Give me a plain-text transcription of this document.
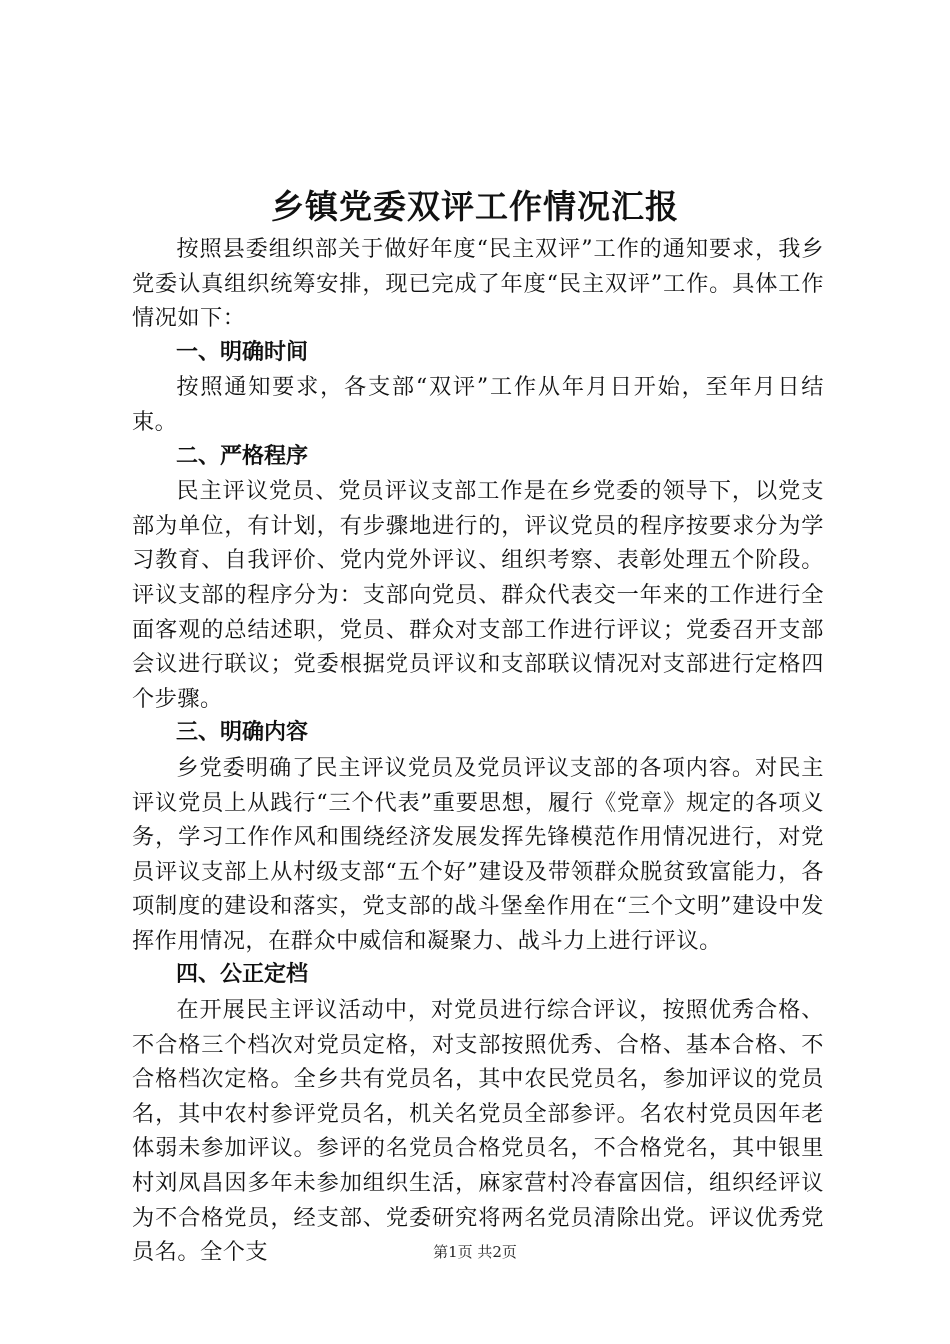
乡镇党委双评工作情况汇报

按照县委组织部关于做好年度“民主双评”工作的通知要求，我乡党委认真组织统筹安排，现已完成了年度“民主双评”工作。具体工作情况如下：

一、明确时间

按照通知要求，各支部“双评”工作从年月日开始，至年月日结束。

二、严格程序

民主评议党员、党员评议支部工作是在乡党委的领导下，以党支部为单位，有计划，有步骤地进行的，评议党员的程序按要求分为学习教育、自我评价、党内党外评议、组织考察、表彰处理五个阶段。评议支部的程序分为：支部向党员、群众代表交一年来的工作进行全面客观的总结述职，党员、群众对支部工作进行评议；党委召开支部会议进行联议；党委根据党员评议和支部联议情况对支部进行定格四个步骤。

三、明确内容

乡党委明确了民主评议党员及党员评议支部的各项内容。对民主评议党员上从践行“三个代表”重要思想，履行《党章》规定的各项义务，学习工作作风和围绕经济发展发挥先锋模范作用情况进行，对党员评议支部上从村级支部“五个好”建设及带领群众脱贫致富能力，各项制度的建设和落实，党支部的战斗堡垒作用在“三个文明”建设中发挥作用情况，在群众中威信和凝聚力、战斗力上进行评议。

四、公正定档

在开展民主评议活动中，对党员进行综合评议，按照优秀合格、不合格三个档次对党员定格，对支部按照优秀、合格、基本合格、不合格档次定格。全乡共有党员名，其中农民党员名，参加评议的党员名，其中农村参评党员名，机关名党员全部参评。名农村党员因年老体弱未参加评议。参评的名党员合格党员名，不合格党名，其中银里村刘凤昌因多年未参加组织生活，麻家营村冷春富因信，组织经评议为不合格党员，经支部、党委研究将两名党员清除出党。评议优秀党员名。全个支	第1页 共2页
